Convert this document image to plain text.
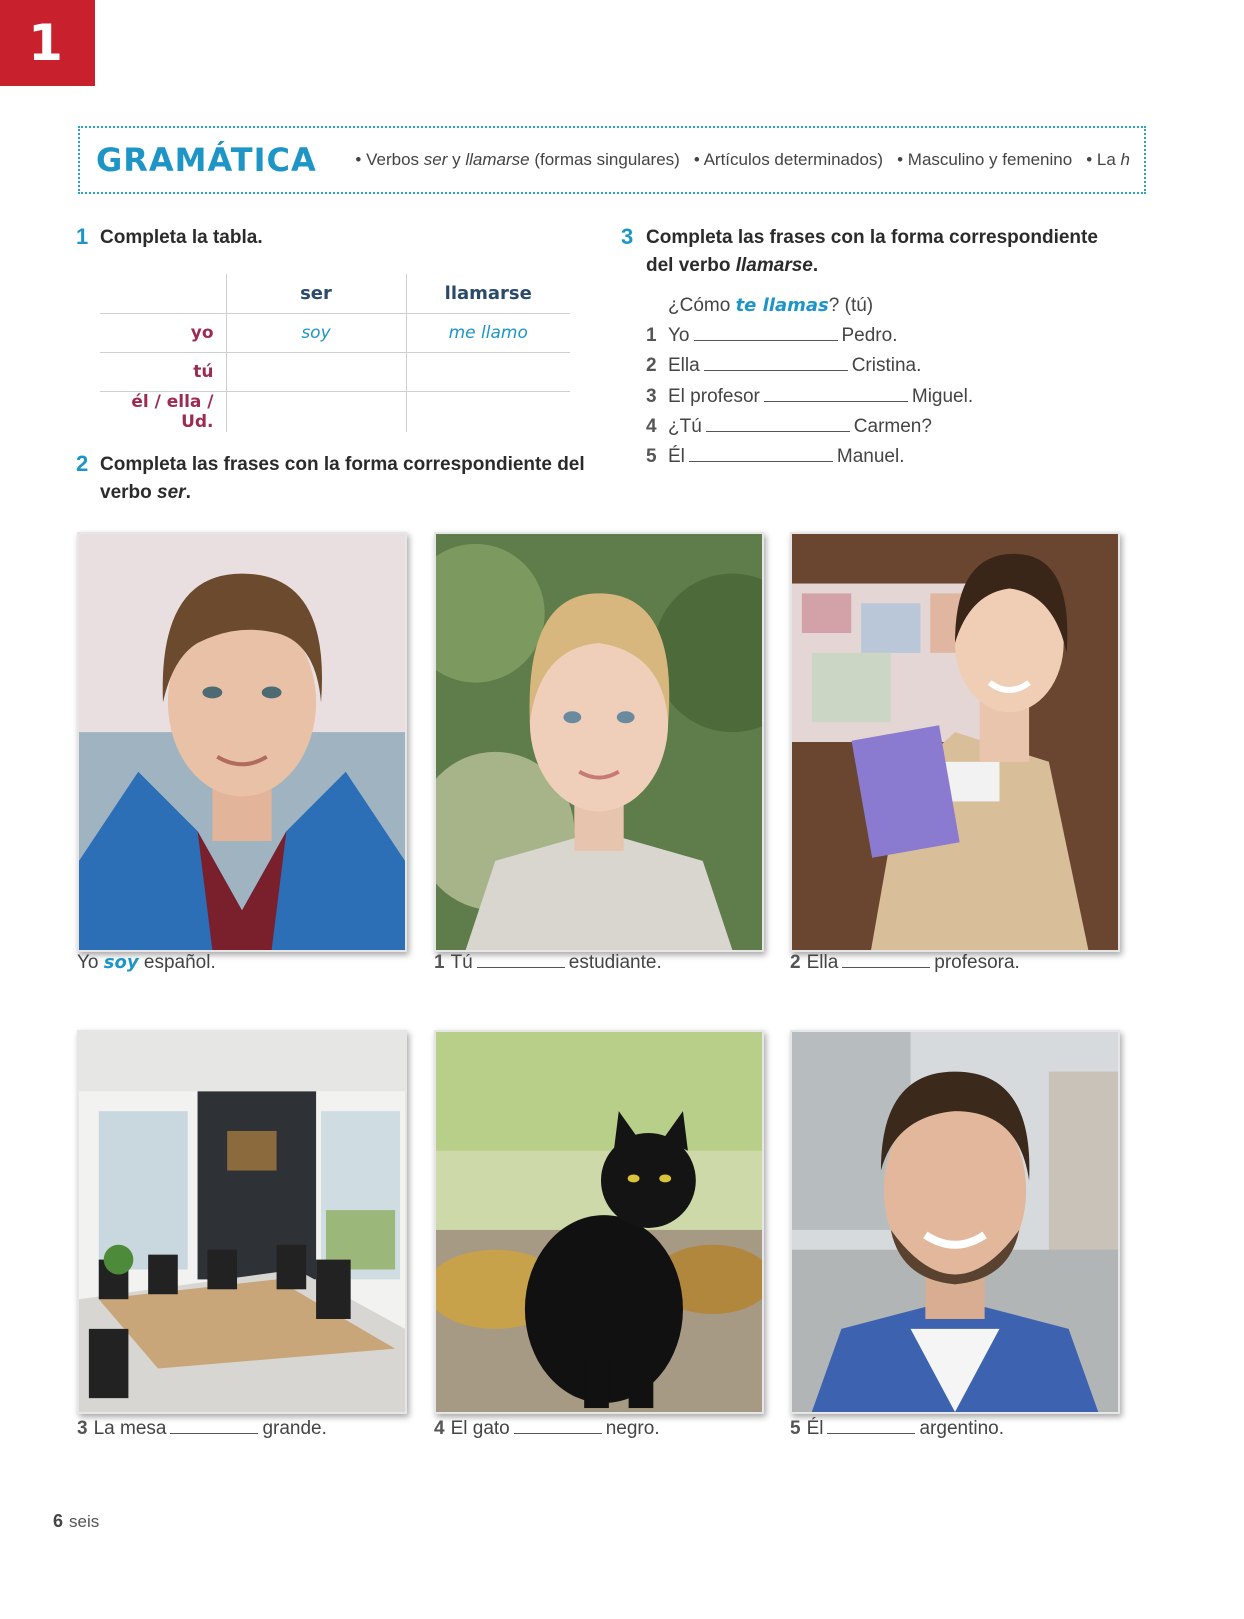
1
GRAMÁTICA • Verbos ser y llamarse (formas singulares) • Artículos determinados) • Masculino y femenino • La h
1 Completa la tabla.
	ser	llamarse
yo	soy	me llamo
tú		
él / ella / Ud.		
2 Completa las frases con la forma correspondiente del
verbo ser.
3 Completa las frases con la forma correspondiente
del verbo llamarse.
¿Cómo te llamas? (tú)
1 Yo	Pedro.
2 Ella	Cristina.
3 El profesor	Miguel.
4 ¿Tú	Carmen?
5 Él	Manuel.
Yo soy español.	1 Tú	estudiante.	2 Ella	profesora.
3 La mesa	grande.	4 El gato	negro.	5 Él	argentino.
6 seis
